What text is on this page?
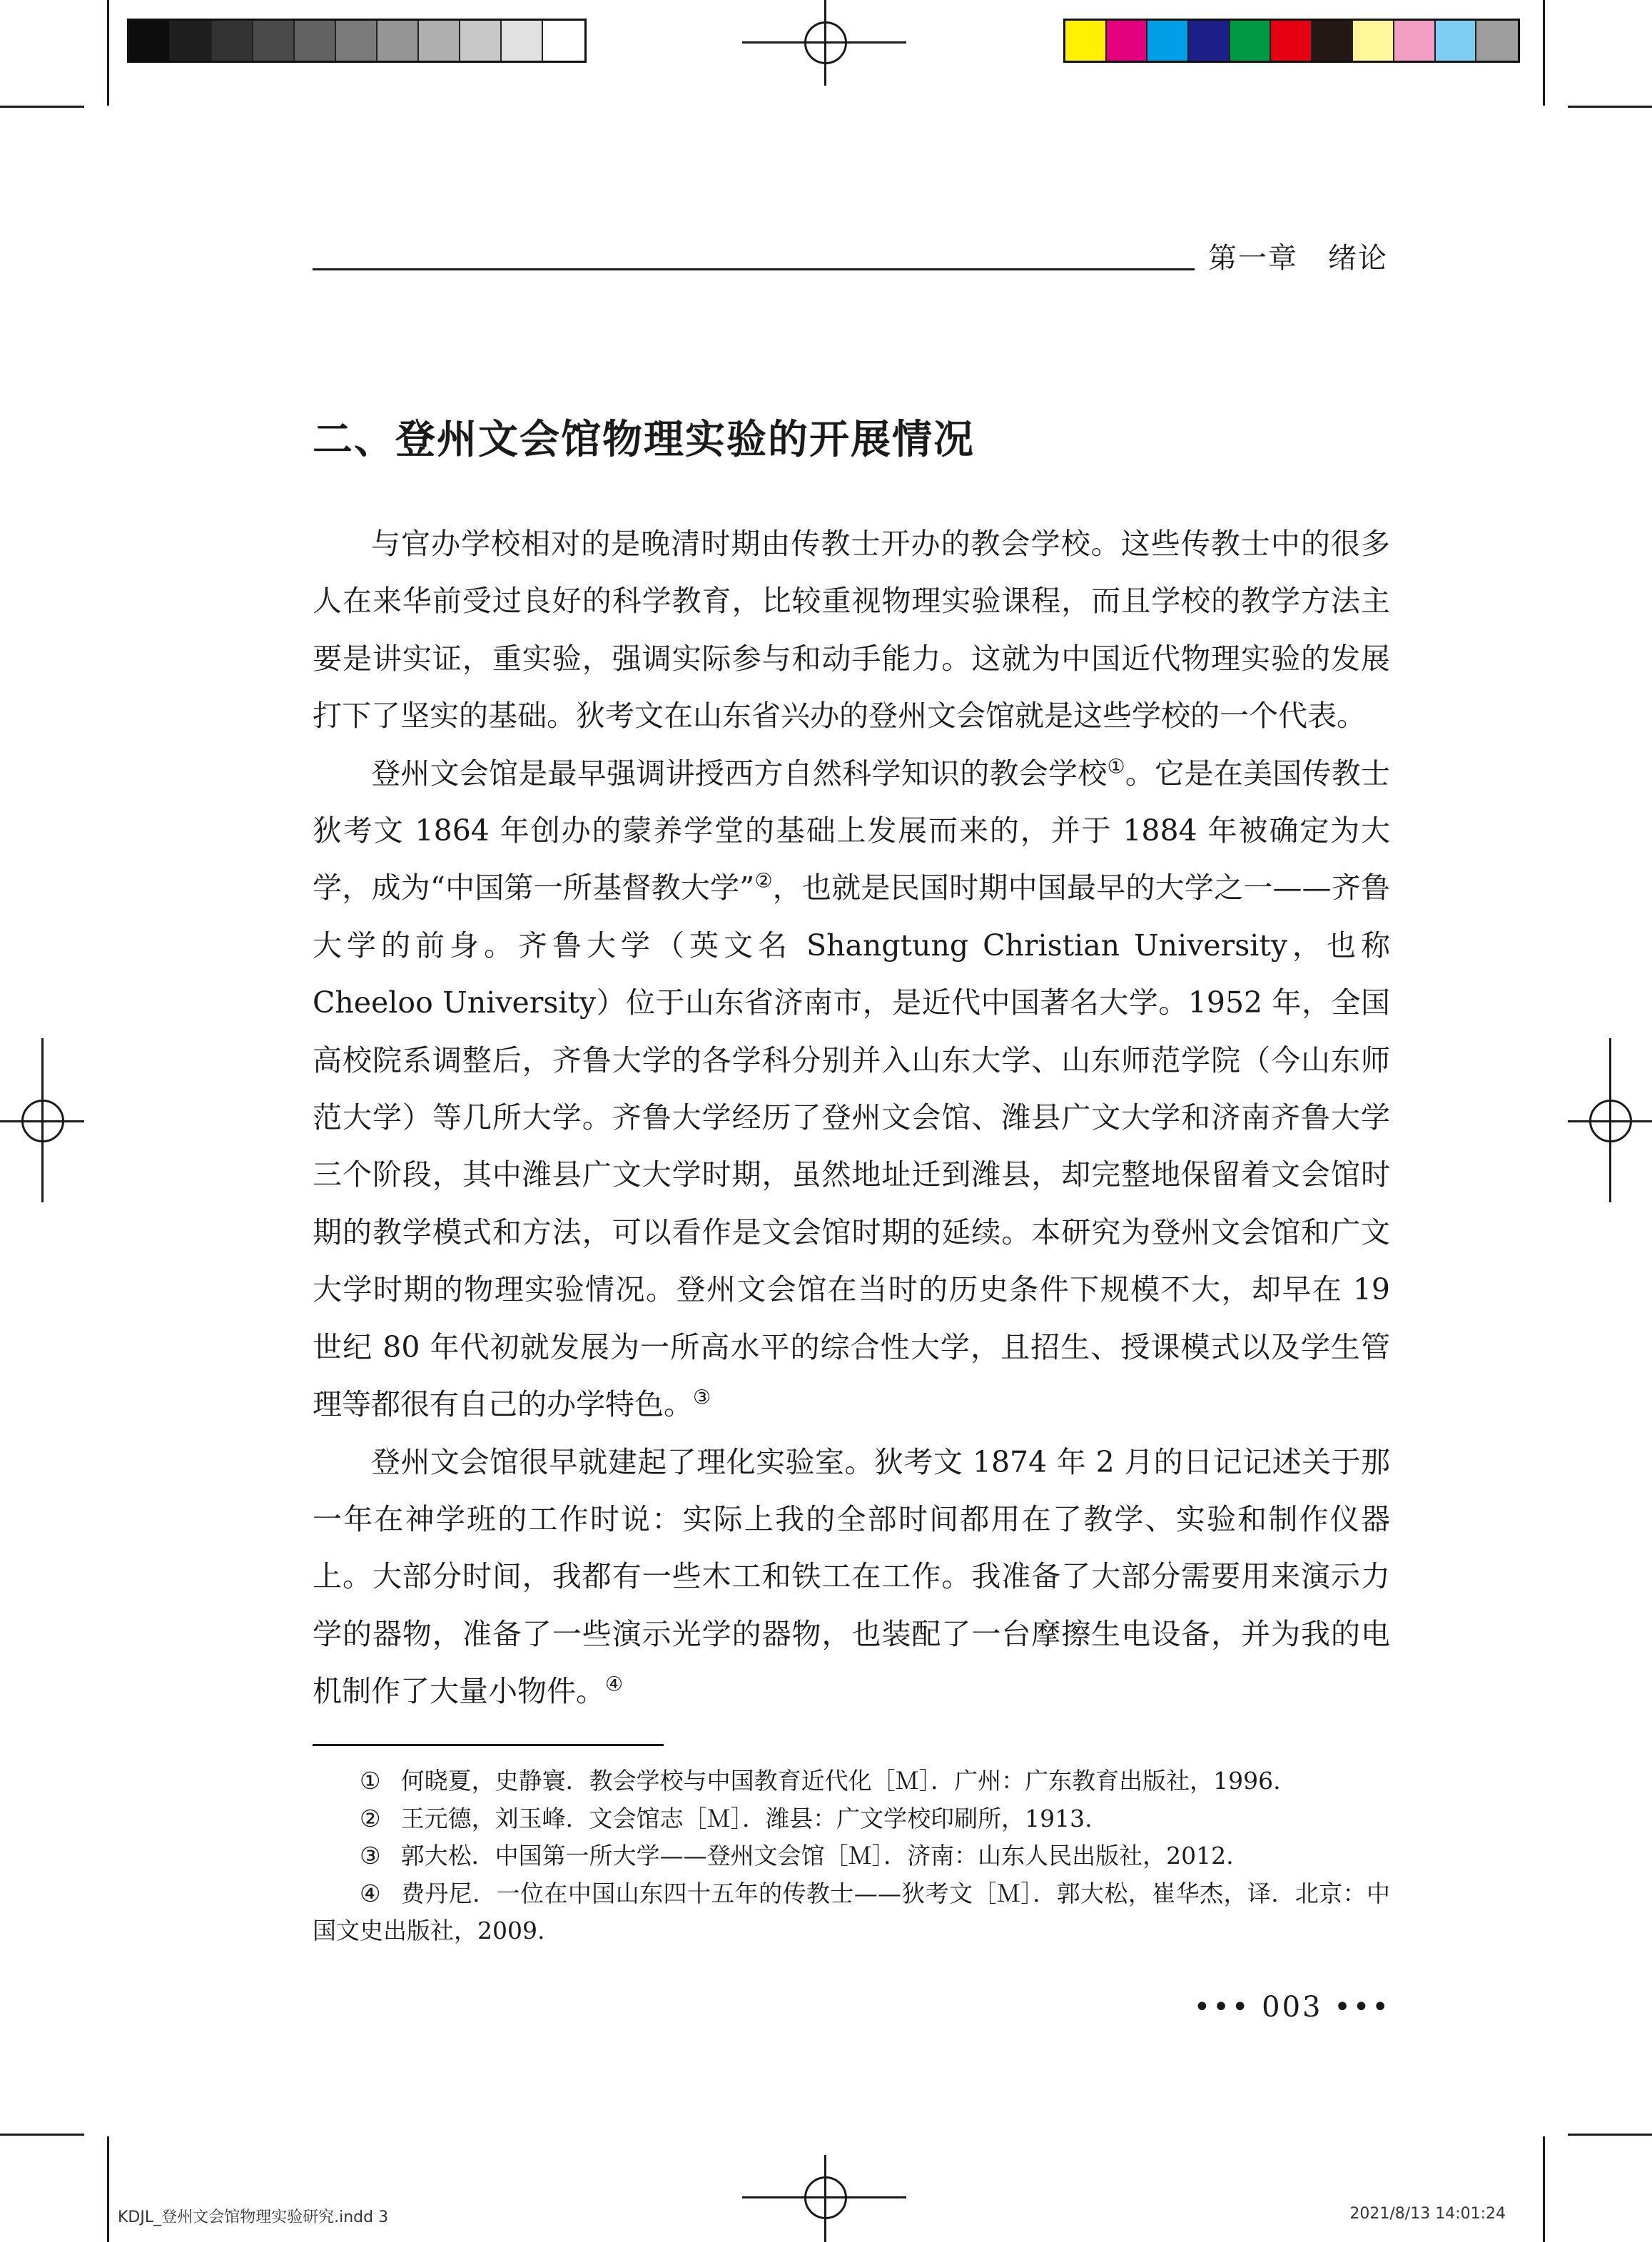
第一章　绪论
二、登州文会馆物理实验的开展情况

与官办学校相对的是晚清时期由传教士开办的教会学校。这些传教士中的很多人在来华前受过良好的科学教育，比较重视物理实验课程，而且学校的教学方法主要是讲实证，重实验，强调实际参与和动手能力。这就为中国近代物理实验的发展打下了坚实的基础。狄考文在山东省兴办的登州文会馆就是这些学校的一个代表。

登州文会馆是最早强调讲授西方自然科学知识的教会学校①。它是在美国传教士狄考文 1864 年创办的蒙养学堂的基础上发展而来的，并于 1884 年被确定为大学，成为“中国第一所基督教大学”②，也就是民国时期中国最早的大学之一——齐鲁大学的前身。齐鲁大学（英文名 Shangtung Christian University，也称 Cheeloo University）位于山东省济南市，是近代中国著名大学。1952 年，全国高校院系调整后，齐鲁大学的各学科分别并入山东大学、山东师范学院（今山东师范大学）等几所大学。齐鲁大学经历了登州文会馆、潍县广文大学和济南齐鲁大学三个阶段，其中潍县广文大学时期，虽然地址迁到潍县，却完整地保留着文会馆时期的教学模式和方法，可以看作是文会馆时期的延续。本研究为登州文会馆和广文大学时期的物理实验情况。登州文会馆在当时的历史条件下规模不大，却早在 19 世纪 80 年代初就发展为一所高水平的综合性大学，且招生、授课模式以及学生管理等都很有自己的办学特色。③

登州文会馆很早就建起了理化实验室。狄考文 1874 年 2 月的日记记述关于那一年在神学班的工作时说：实际上我的全部时间都用在了教学、实验和制作仪器上。大部分时间，我都有一些木工和铁工在工作。我准备了大部分需要用来演示力学的器物，准备了一些演示光学的器物，也装配了一台摩擦生电设备，并为我的电机制作了大量小物件。④

① 何晓夏，史静寰．教会学校与中国教育近代化［Ｍ］．广州：广东教育出版社，1996.
② 王元德，刘玉峰．文会馆志［Ｍ］．潍县：广文学校印刷所，1913.
③ 郭大松．中国第一所大学——登州文会馆［Ｍ］．济南：山东人民出版社，2012.
④ 费丹尼．一位在中国山东四十五年的传教士——狄考文［Ｍ］．郭大松，崔华杰，译．北京：中国文史出版社，2009.
••• 003 •••
KDJL_登州文会馆物理实验研究.indd 3	2021/8/13 14:01:24
